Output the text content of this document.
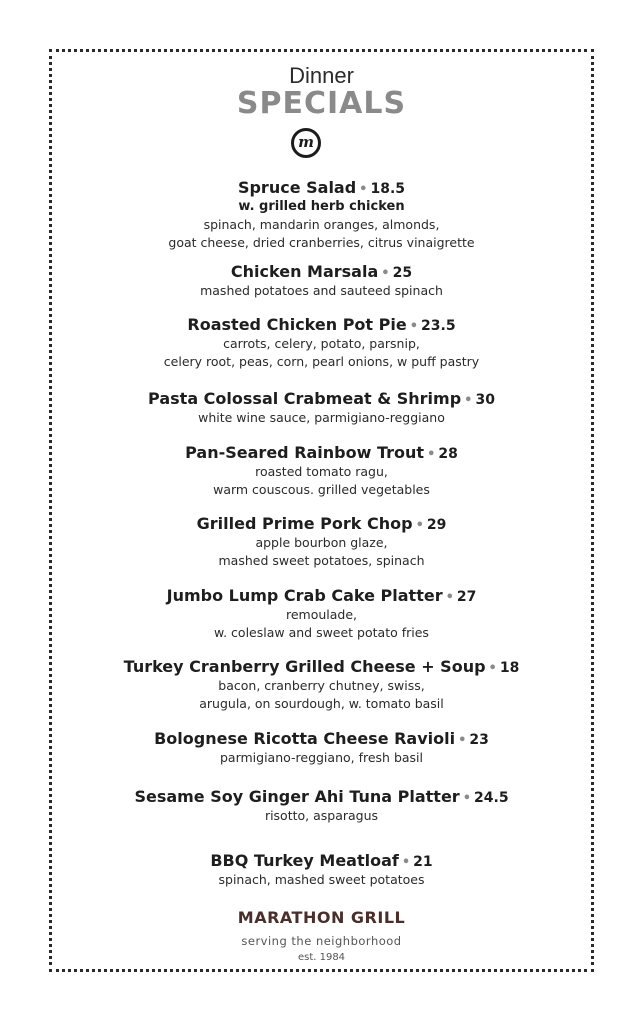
Dinner
SPECIALS
m
Spruce Salad • 18.5
w. grilled herb chicken
spinach, mandarin oranges, almonds,
goat cheese, dried cranberries, citrus vinaigrette
Chicken Marsala • 25
mashed potatoes and sauteed spinach
Roasted Chicken Pot Pie • 23.5
carrots, celery, potato, parsnip,
celery root, peas, corn, pearl onions, w puff pastry
Pasta Colossal Crabmeat & Shrimp • 30
white wine sauce, parmigiano-reggiano
Pan-Seared Rainbow Trout • 28
roasted tomato ragu,
warm couscous. grilled vegetables
Grilled Prime Pork Chop • 29
apple bourbon glaze,
mashed sweet potatoes, spinach
Jumbo Lump Crab Cake Platter • 27
remoulade,
w. coleslaw and sweet potato fries
Turkey Cranberry Grilled Cheese + Soup • 18
bacon, cranberry chutney, swiss,
arugula, on sourdough, w. tomato basil
Bolognese Ricotta Cheese Ravioli • 23
parmigiano-reggiano, fresh basil
Sesame Soy Ginger Ahi Tuna Platter • 24.5
risotto, asparagus
BBQ Turkey Meatloaf • 21
spinach, mashed sweet potatoes
MARATHON GRILL
serving the neighborhood
est. 1984
